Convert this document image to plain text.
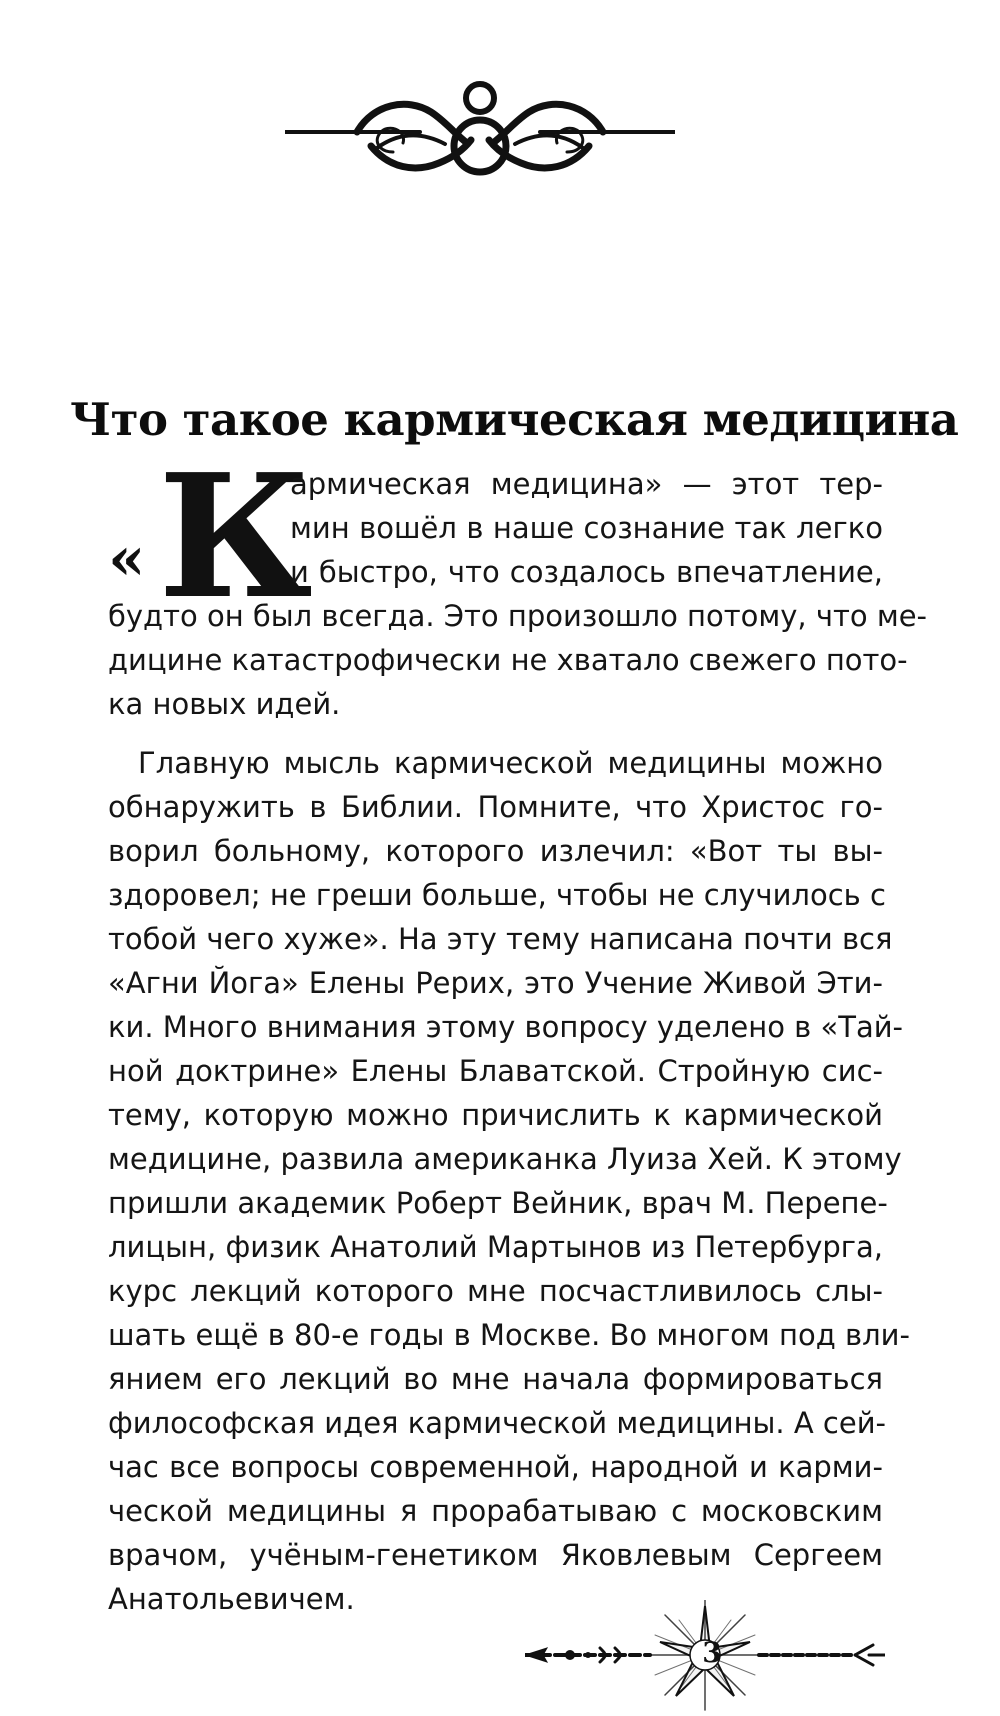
Что такое кармическая медицина
« К
армическая медицина» — этот тер-
мин вошёл в наше сознание так легко
и быстро, что создалось впечатление,
будто он был всегда. Это произошло потому, что ме-
дицине катастрофически не хватало свежего пото-
ка новых идей.
Главную мысль кармической медицины можно
обнаружить в Библии. Помните, что Христос го-
ворил больному, которого излечил: «Вот ты вы-
здоровел; не греши больше, чтобы не случилось с
тобой чего хуже». На эту тему написана почти вся
«Агни Йога» Елены Рерих, это Учение Живой Эти-
ки. Много внимания этому вопросу уделено в «Тай-
ной доктрине» Елены Блаватской. Стройную сис-
тему, которую можно причислить к кармической
медицине, развила американка Луиза Хей. К этому
пришли академик Роберт Вейник, врач М. Перепе-
лицын, физик Анатолий Мартынов из Петербурга,
курс лекций которого мне посчастливилось слы-
шать ещё в 80-е годы в Москве. Во многом под вли-
янием его лекций во мне начала формироваться
философская идея кармической медицины. А сей-
час все вопросы современной, народной и карми-
ческой медицины я прорабатываю с московским
врачом, учёным-генетиком Яковлевым Сергеем
Анатольевичем.
3
